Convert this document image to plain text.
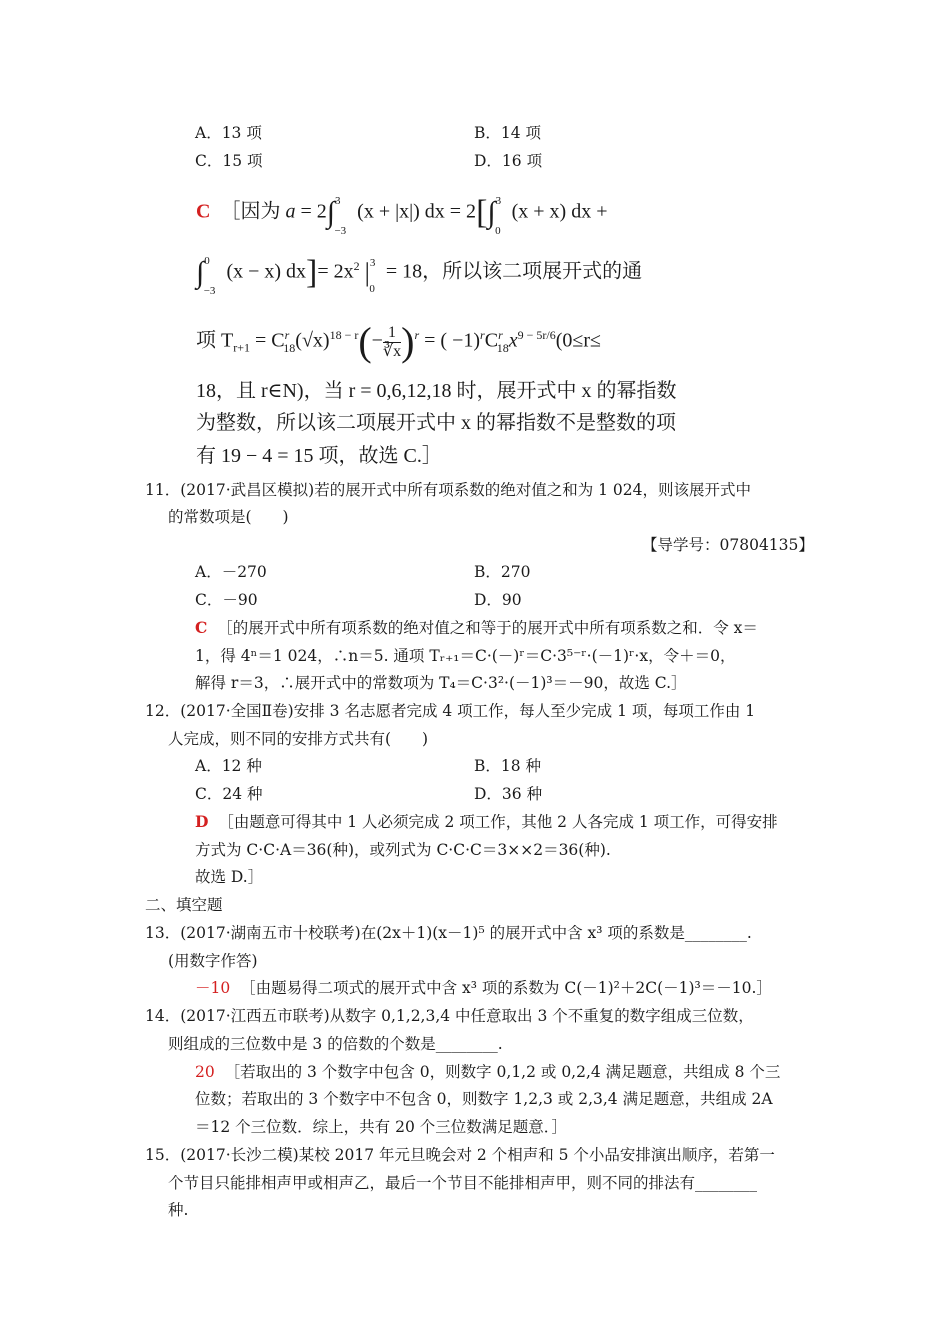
A．13 项	B．14 项
C．15 项	D．16 项
C ［因为 a = 2∫$^3_{-3}$ (x + |x|) dx = 2[∫$^3_0$ (x + x) dx +
∫$^0_{-3}$ (x − x) $dx]= 2x^2$ $|^3_0 = 18$，所以该二项展开式的通
项 $T_{r+1} = C^r_{18}(√x)^{18 - r}(- \frac{1}{∛x} )^r$ = ( $-1)^rC^r_{18}x^{9 - 5r/6}(0\le r\le$
18，且 r∈N)，当 r = 0,6,12,18 时，展开式中 x 的幂指数
为整数，所以该二项展开式中 x 的幂指数不是整数的项
有 19 − 4 = 15 项，故选 C.］
11．(2017·武昌区模拟)若的展开式中所有项系数的绝对值之和为 1 024，则该展开式中
的常数项是(　　)
【导学号：07804135】
A．－270	B．270
C．－90	D．90
C ［的展开式中所有项系数的绝对值之和等于的展开式中所有项系数之和．令 x＝
1，得 4ⁿ＝1 024，∴n＝5. 通项 Tᵣ₊₁＝C·(－)ʳ＝C·3⁵⁻ʳ·(－1)ʳ·x，令＋＝0，
解得 r＝3，∴展开式中的常数项为 T₄＝C·3²·(－1)³＝－90，故选 C.］
12．(2017·全国Ⅱ卷)安排 3 名志愿者完成 4 项工作，每人至少完成 1 项，每项工作由 1
人完成，则不同的安排方式共有(　　)
A．12 种	B．18 种
C．24 种	D．36 种
D ［由题意可得其中 1 人必须完成 2 项工作，其他 2 人各完成 1 项工作，可得安排
方式为 C·C·A＝36(种)，或列式为 C·C·C＝3××2＝36(种).
故选 D.］
二、填空题
13．(2017·湖南五市十校联考)在(2x＋1)(x－1)⁵ 的展开式中含 x³ 项的系数是________.
(用数字作答)
－10 ［由题易得二项式的展开式中含 x³ 项的系数为 C(－1)²＋2C(－1)³＝－10.］
14．(2017·江西五市联考)从数字 0,1,2,3,4 中任意取出 3 个不重复的数字组成三位数，
则组成的三位数中是 3 的倍数的个数是________.
20 ［若取出的 3 个数字中包含 0，则数字 0,1,2 或 0,2,4 满足题意，共组成 8 个三
位数；若取出的 3 个数字中不包含 0，则数字 1,2,3 或 2,3,4 满足题意，共组成 2A
＝12 个三位数．综上，共有 20 个三位数满足题意．］
15．(2017·长沙二模)某校 2017 年元旦晚会对 2 个相声和 5 个小品安排演出顺序，若第一
个节目只能排相声甲或相声乙，最后一个节目不能排相声甲，则不同的排法有________
种.
